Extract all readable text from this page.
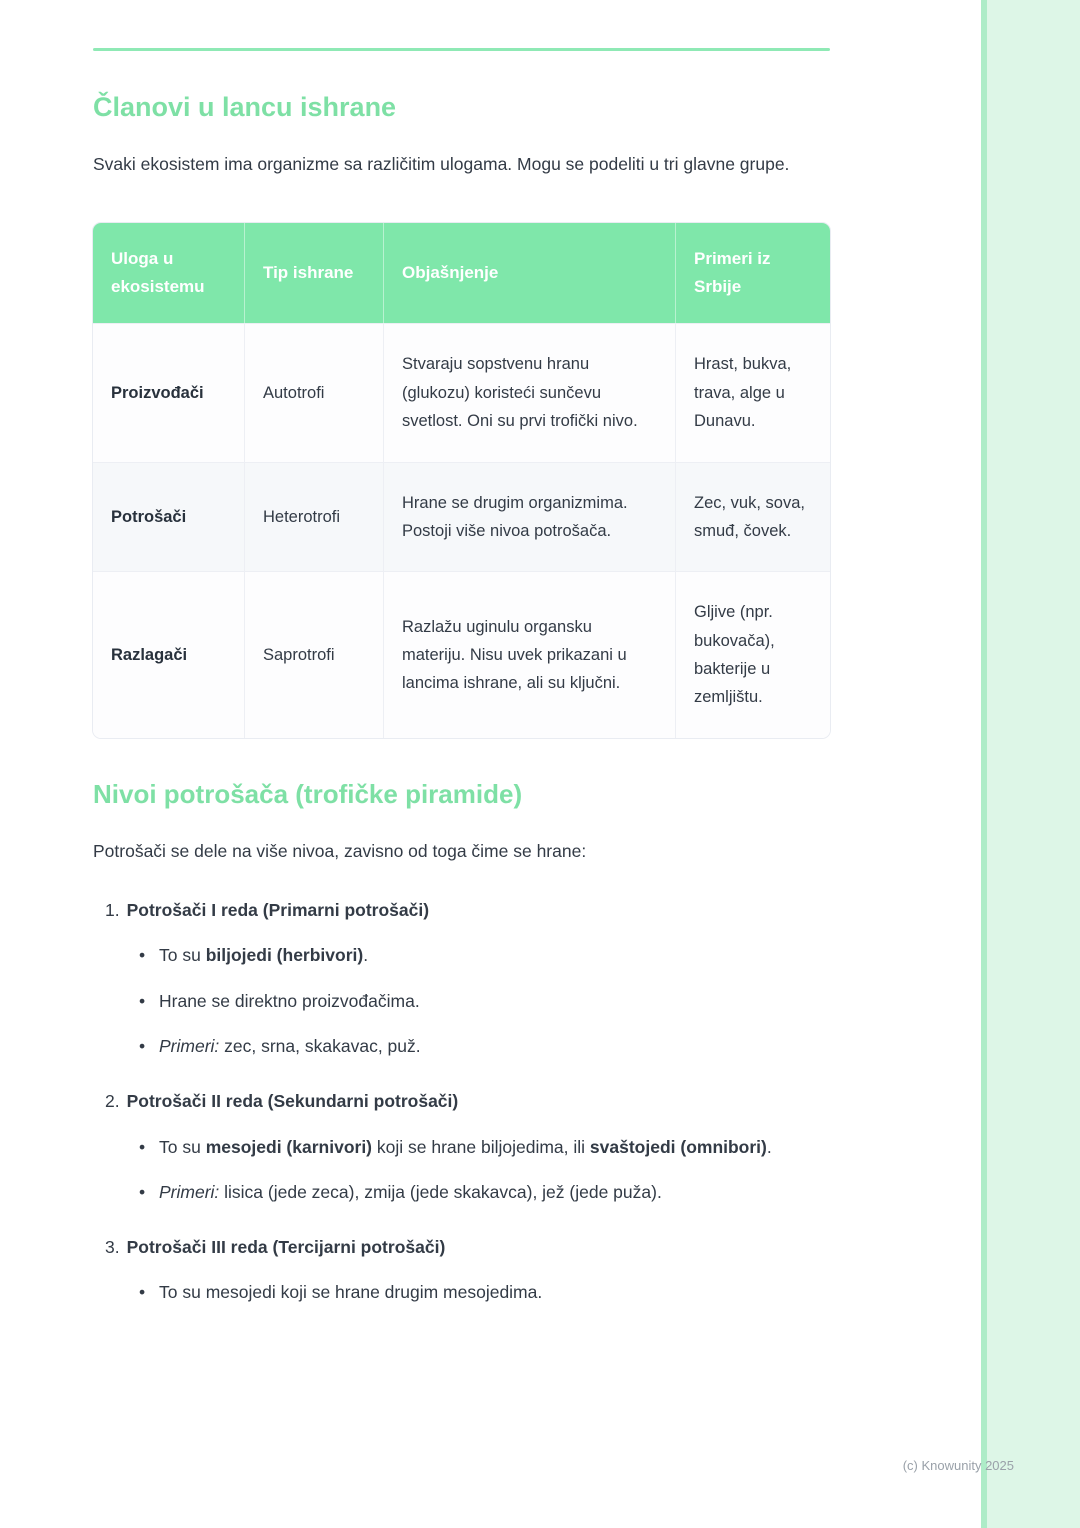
Članovi u lancu ishrane

Svaki ekosistem ima organizme sa različitim ulogama. Mogu se podeliti u tri glavne grupe.

Uloga u ekosistemu	Tip ishrane	Objašnjenje	Primeri iz Srbije
Proizvođači	Autotrofi	Stvaraju sopstvenu hranu (glukozu) koristeći sunčevu svetlost. Oni su prvi trofički nivo.	Hrast, bukva, trava, alge u Dunavu.
Potrošači	Heterotrofi	Hrane se drugim organizmima. Postoji više nivoa potrošača.	Zec, vuk, sova, smuđ, čovek.
Razlagači	Saprotrofi	Razlažu uginulu organsku materiju. Nisu uvek prikazani u lancima ishrane, ali su ključni.	Gljive (npr. bukovača), bakterije u zemljištu.
Nivoi potrošača (trofičke piramide)

Potrošači se dele na više nivoa, zavisno od toga čime se hrane:

1. Potrošači I reda (Primarni potrošači)
• To su biljojedi (herbivori).
• Hrane se direktno proizvođačima.
• Primeri: zec, srna, skakavac, puž.
2. Potrošači II reda (Sekundarni potrošači)
• To su mesojedi (karnivori) koji se hrane biljojedima, ili svaštojedi (omnibori).
• Primeri: lisica (jede zeca), zmija (jede skakavca), jež (jede puža).
3. Potrošači III reda (Tercijarni potrošači)
• To su mesojedi koji se hrane drugim mesojedima.
(c) Knowunity 2025
